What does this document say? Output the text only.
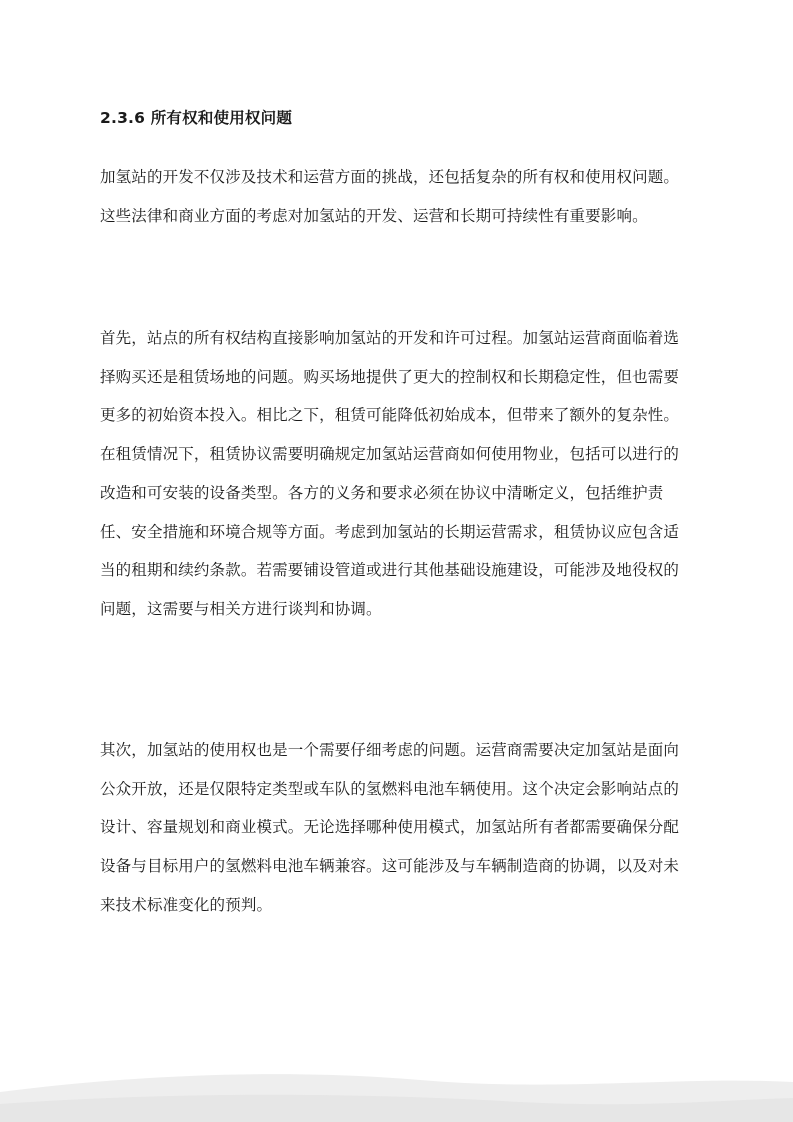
2.3.6 所有权和使用权问题

加氢站的开发不仅涉及技术和运营方面的挑战，还包括复杂的所有权和使用权问题。
这些法律和商业方面的考虑对加氢站的开发、运营和长期可持续性有重要影响。

首先，站点的所有权结构直接影响加氢站的开发和许可过程。加氢站运营商面临着选
择购买还是租赁场地的问题。购买场地提供了更大的控制权和长期稳定性，但也需要
更多的初始资本投入。相比之下，租赁可能降低初始成本，但带来了额外的复杂性。
在租赁情况下，租赁协议需要明确规定加氢站运营商如何使用物业，包括可以进行的
改造和可安装的设备类型。各方的义务和要求必须在协议中清晰定义，包括维护责
任、安全措施和环境合规等方面。考虑到加氢站的长期运营需求，租赁协议应包含适
当的租期和续约条款。若需要铺设管道或进行其他基础设施建设，可能涉及地役权的
问题，这需要与相关方进行谈判和协调。

其次，加氢站的使用权也是一个需要仔细考虑的问题。运营商需要决定加氢站是面向
公众开放，还是仅限特定类型或车队的氢燃料电池车辆使用。这个决定会影响站点的
设计、容量规划和商业模式。无论选择哪种使用模式，加氢站所有者都需要确保分配
设备与目标用户的氢燃料电池车辆兼容。这可能涉及与车辆制造商的协调，以及对未
来技术标准变化的预判。
